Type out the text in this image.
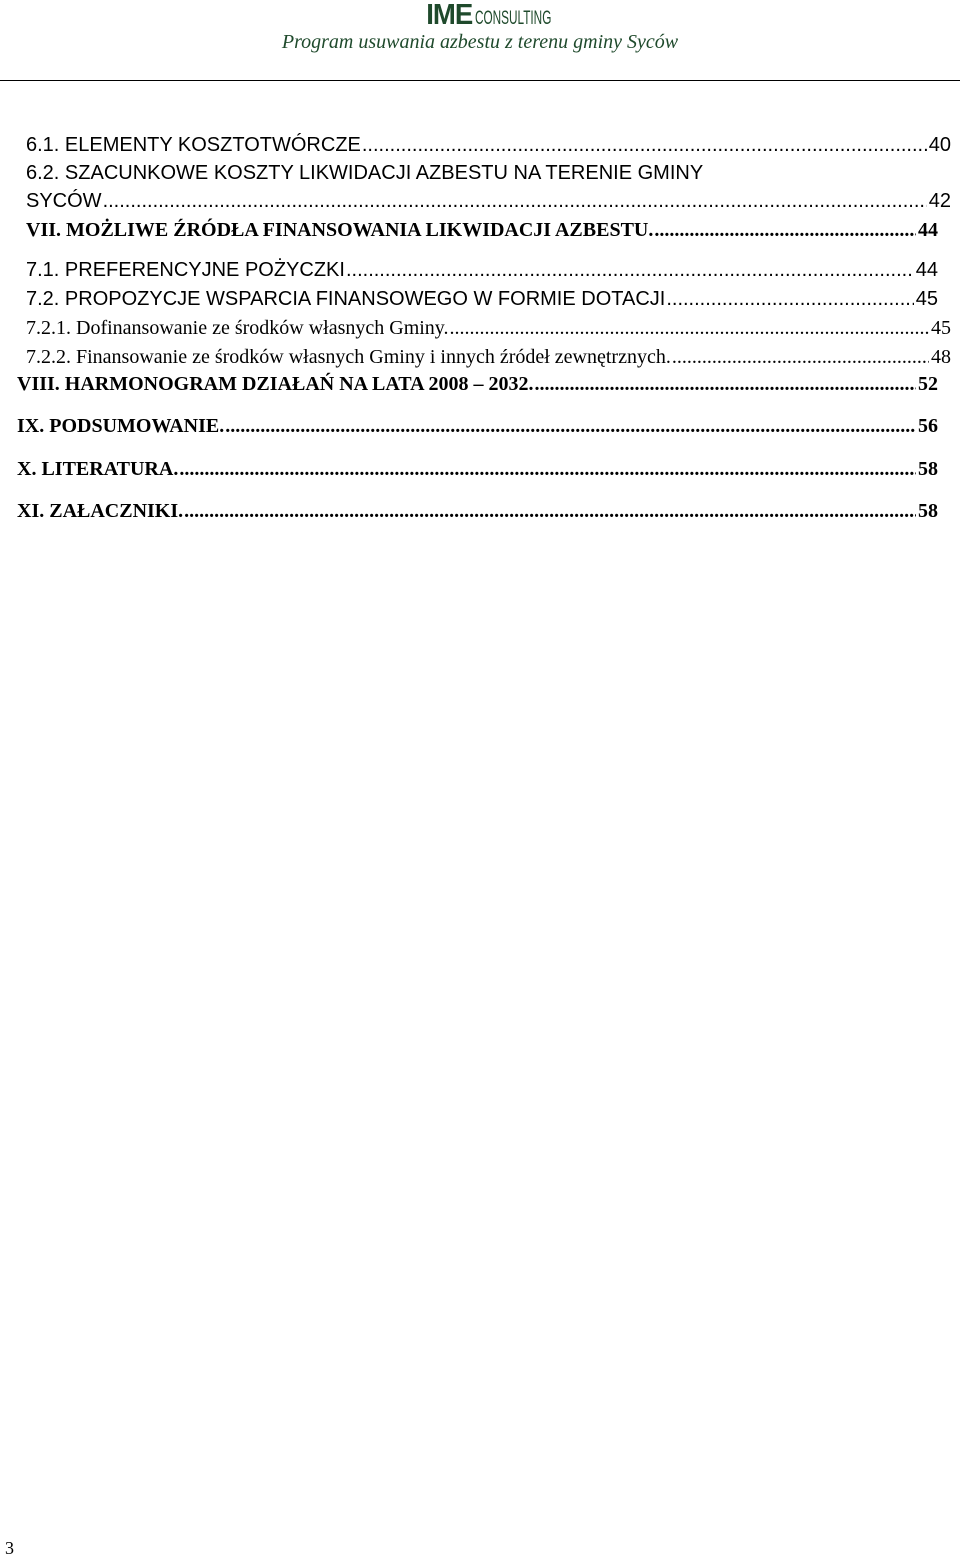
IME CONSULTING
Program usuwania azbestu z terenu gminy Syców
6.1. ELEMENTY KOSZTOTWÓRCZE .....	40
6.2. SZACUNKOWE KOSZTY LIKWIDACJI AZBESTU NA TERENIE GMINY
SYCÓW .....	42
VII. MOŻLIWE ŹRÓDŁA FINANSOWANIA LIKWIDACJI AZBESTU. .....	44
7.1. PREFERENCYJNE POŻYCZKI .....	44
7.2. PROPOZYCJE WSPARCIA FINANSOWEGO W FORMIE DOTACJI .....	45
7.2.1. Dofinansowanie ze środków własnych Gminy. .....	45
7.2.2. Finansowanie ze środków własnych Gminy i innych źródeł zewnętrznych. .....	48
VIII. HARMONOGRAM DZIAŁAŃ NA LATA 2008 – 2032. .....	52
IX. PODSUMOWANIE. .....	56
X. LITERATURA. .....	58
XI. ZAŁACZNIKI. .....	58
3
